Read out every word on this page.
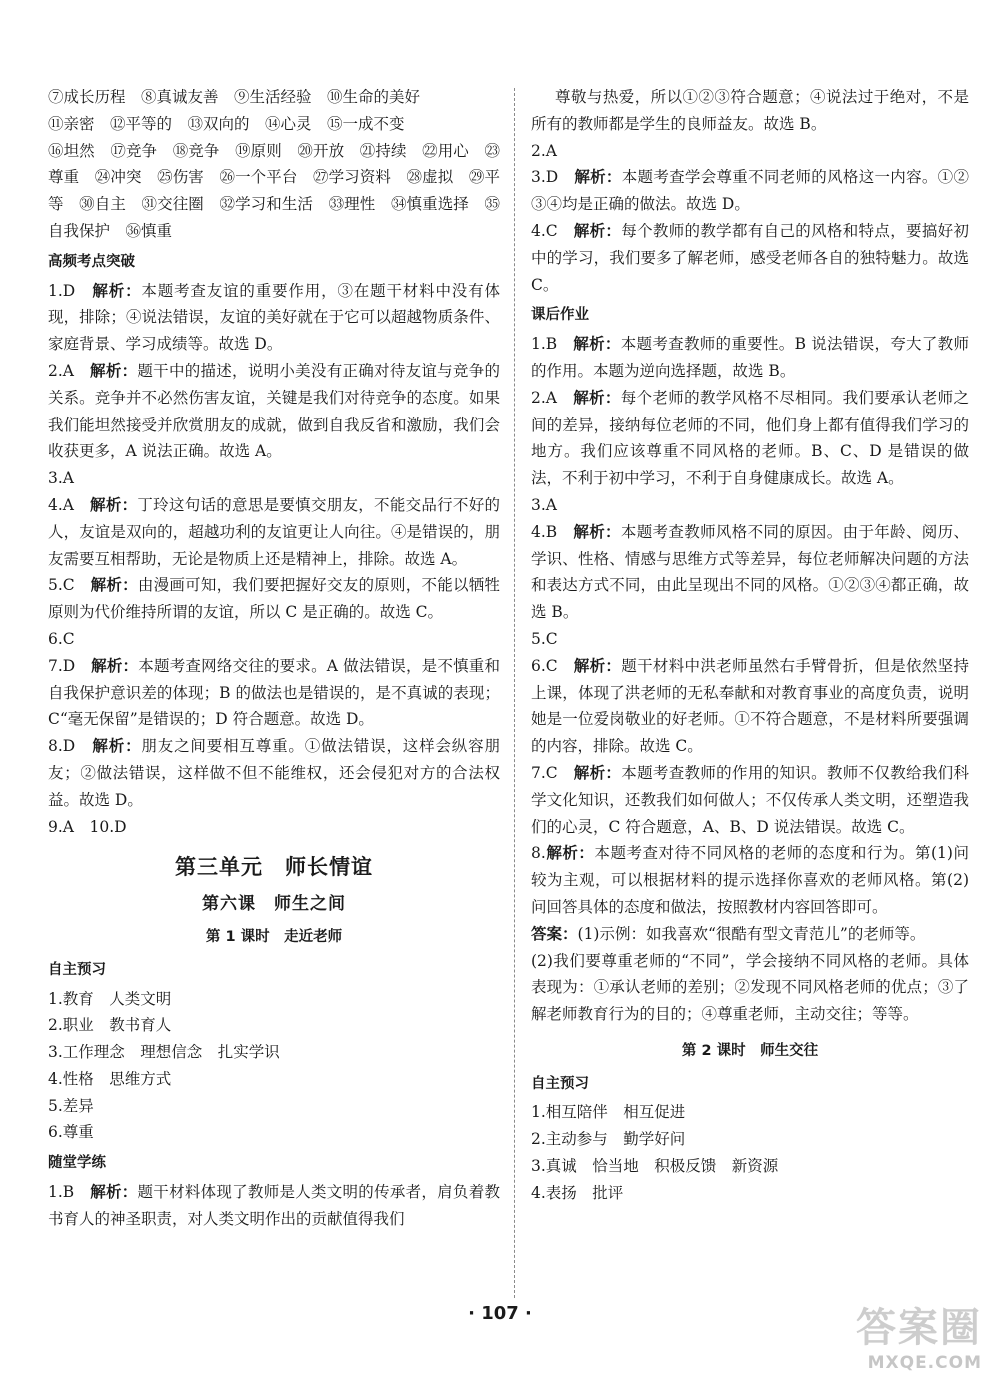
⑦成长历程　⑧真诚友善　⑨生活经验　⑩生命的美好

⑪亲密　⑫平等的　⑬双向的　⑭心灵　⑮一成不变

⑯坦然　⑰竞争　⑱竞争　⑲原则　⑳开放　㉑持续　㉒用心　㉓尊重　㉔冲突　㉕伤害　㉖一个平台　㉗学习资料　㉘虚拟　㉙平等　㉚自主　㉛交往圈　㉜学习和生活　㉝理性　㉞慎重选择　㉟自我保护　㊱慎重

高频考点突破

1.D　解析：本题考查友谊的重要作用，③在题干材料中没有体现，排除；④说法错误，友谊的美好就在于它可以超越物质条件、家庭背景、学习成绩等。故选 D。

2.A　解析：题干中的描述，说明小美没有正确对待友谊与竞争的关系。竞争并不必然伤害友谊，关键是我们对待竞争的态度。如果我们能坦然接受并欣赏朋友的成就，做到自我反省和激励，我们会收获更多，A 说法正确。故选 A。

3.A

4.A　解析：丁玲这句话的意思是要慎交朋友，不能交品行不好的人，友谊是双向的，超越功利的友谊更让人向往。④是错误的，朋友需要互相帮助，无论是物质上还是精神上，排除。故选 A。

5.C　解析：由漫画可知，我们要把握好交友的原则，不能以牺牲原则为代价维持所谓的友谊，所以 C 是正确的。故选 C。

6.C

7.D　解析：本题考查网络交往的要求。A 做法错误，是不慎重和自我保护意识差的体现；B 的做法也是错误的，是不真诚的表现；C“毫无保留”是错误的；D 符合题意。故选 D。

8.D　解析：朋友之间要相互尊重。①做法错误，这样会纵容朋友；②做法错误，这样做不但不能维权，还会侵犯对方的合法权益。故选 D。

9.A　10.D

第三单元　师长情谊
第六课　师生之间
第 1 课时　走近老师
自主预习

1.教育　人类文明

2.职业　教书育人

3.工作理念　理想信念　扎实学识

4.性格　思维方式

5.差异

6.尊重

随堂学练

1.B　解析：题干材料体现了教师是人类文明的传承者，肩负着教书育人的神圣职责，对人类文明作出的贡献值得我们

尊敬与热爱，所以①②③符合题意；④说法过于绝对，不是所有的教师都是学生的良师益友。故选 B。

2.A

3.D　解析：本题考查学会尊重不同老师的风格这一内容。①②③④均是正确的做法。故选 D。

4.C　解析：每个教师的教学都有自己的风格和特点，要搞好初中的学习，我们要多了解老师，感受老师各自的独特魅力。故选 C。

课后作业

1.B　解析：本题考查教师的重要性。B 说法错误，夸大了教师的作用。本题为逆向选择题，故选 B。

2.A　解析：每个老师的教学风格不尽相同。我们要承认老师之间的差异，接纳每位老师的不同，他们身上都有值得我们学习的地方。我们应该尊重不同风格的老师。B、C、D 是错误的做法，不利于初中学习，不利于自身健康成长。故选 A。

3.A

4.B　解析：本题考查教师风格不同的原因。由于年龄、阅历、学识、性格、情感与思维方式等差异，每位老师解决问题的方法和表达方式不同，由此呈现出不同的风格。①②③④都正确，故选 B。

5.C

6.C　解析：题干材料中洪老师虽然右手臂骨折，但是依然坚持上课，体现了洪老师的无私奉献和对教育事业的高度负责，说明她是一位爱岗敬业的好老师。①不符合题意，不是材料所要强调的内容，排除。故选 C。

7.C　解析：本题考查教师的作用的知识。教师不仅教给我们科学文化知识，还教我们如何做人；不仅传承人类文明，还塑造我们的心灵，C 符合题意，A、B、D 说法错误。故选 C。

8.解析：本题考查对待不同风格的老师的态度和行为。第(1)问较为主观，可以根据材料的提示选择你喜欢的老师风格。第(2)问回答具体的态度和做法，按照教材内容回答即可。

答案：(1)示例：如我喜欢“很酷有型文青范儿”的老师等。

(2)我们要尊重老师的“不同”，学会接纳不同风格的老师。具体表现为：①承认老师的差别；②发现不同风格老师的优点；③了解老师教育行为的目的；④尊重老师，主动交往；等等。

第 2 课时　师生交往
自主预习

1.相互陪伴　相互促进

2.主动参与　勤学好问

3.真诚　恰当地　积极反馈　新资源

4.表扬　批评

· 107 ·	答案圈
MXQE.COM
